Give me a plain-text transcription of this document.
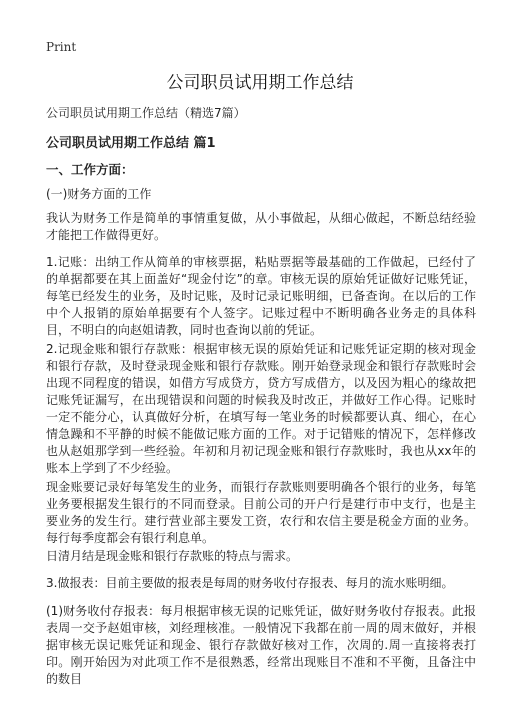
Print
公司职员试用期工作总结
公司职员试用期工作总结（精选7篇）
公司职员试用期工作总结 篇1
一、工作方面：
(一)财务方面的工作
我认为财务工作是简单的事情重复做，从小事做起，从细心做起，不断总结经验才能把工作做得更好。
1.记账：出纳工作从简单的审核票据，粘贴票据等最基础的工作做起，已经付了的单据都要在其上面盖好“现金付讫”的章。审核无误的原始凭证做好记账凭证，每笔已经发生的业务，及时记账，及时记录记账明细，已备查询。在以后的工作中个人报销的原始单据要有个人签字。记账过程中不断明确各业务走的具体科目，不明白的向赵姐请教，同时也查询以前的凭证。
2.记现金账和银行存款账：根据审核无误的原始凭证和记账凭证定期的核对现金和银行存款，及时登录现金账和银行存款账。刚开始登录现金和银行存款账时会出现不同程度的错误，如借方写成贷方，贷方写成借方，以及因为粗心的缘故把记账凭证漏写，在出现错误和问题的时候我及时改正，并做好工作心得。记账时一定不能分心，认真做好分析，在填写每一笔业务的时候都要认真、细心，在心情急躁和不平静的时候不能做记账方面的工作。对于记错账的情况下，怎样修改也从赵姐那学到一些经验。年初和月初记现金账和银行存款账时，我也从xx年的账本上学到了不少经验。
现金账要记录好每笔发生的业务，而银行存款账则要明确各个银行的业务，每笔业务要根据发生银行的不同而登录。目前公司的开户行是建行市中支行，也是主要业务的发生行。建行营业部主要发工资，农行和农信主要是税金方面的业务。每行每季度都会有银行利息单。
日清月结是现金账和银行存款账的特点与需求。
3.做报表：目前主要做的报表是每周的财务收付存报表、每月的流水账明细。
(1)财务收付存报表：每月根据审核无误的记账凭证，做好财务收付存报表。此报表周一交予赵姐审核，刘经理核准。一般情况下我都在前一周的周末做好，并根据审核无误记账凭证和现金、银行存款做好核对工作，次周的.周一直接将表打印。刚开始因为对此项工作不是很熟悉，经常出现账目不准和不平衡，且备注中的数目
